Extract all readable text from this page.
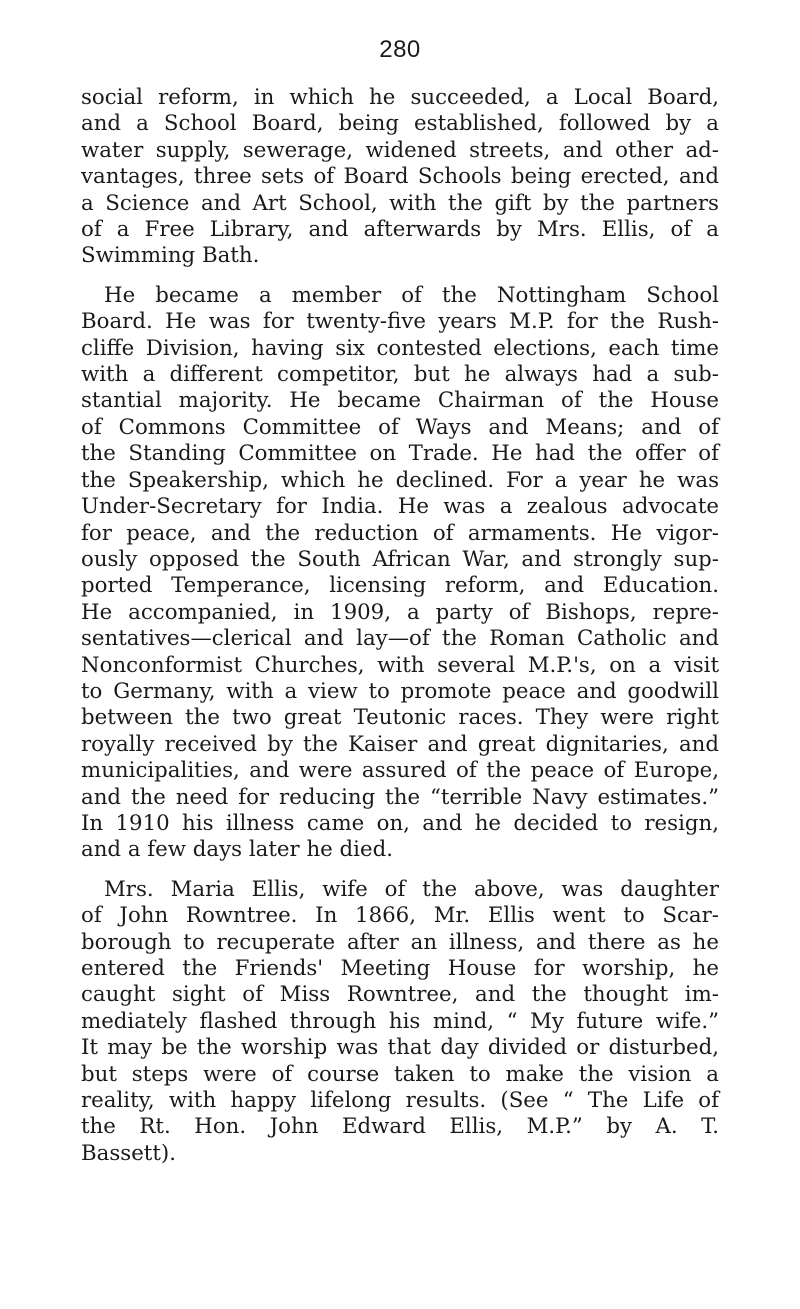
280
social reform, in which he succeeded, a Local Board,
and a School Board, being established, followed by a
water supply, sewerage, widened streets, and other ad-
vantages, three sets of Board Schools being erected, and
a Science and Art School, with the gift by the partners
of a Free Library, and afterwards by Mrs. Ellis, of a
Swimming Bath.
He became a member of the Nottingham School
Board. He was for twenty-five years M.P. for the Rush-
cliffe Division, having six contested elections, each time
with a different competitor, but he always had a sub-
stantial majority. He became Chairman of the House
of Commons Committee of Ways and Means; and of
the Standing Committee on Trade. He had the offer of
the Speakership, which he declined. For a year he was
Under-Secretary for India. He was a zealous advocate
for peace, and the reduction of armaments. He vigor-
ously opposed the South African War, and strongly sup-
ported Temperance, licensing reform, and Education.
He accompanied, in 1909, a party of Bishops, repre-
sentatives—clerical and lay—of the Roman Catholic and
Nonconformist Churches, with several M.P.'s, on a visit
to Germany, with a view to promote peace and goodwill
between the two great Teutonic races. They were right
royally received by the Kaiser and great dignitaries, and
municipalities, and were assured of the peace of Europe,
and the need for reducing the “terrible Navy estimates.”
In 1910 his illness came on, and he decided to resign,
and a few days later he died.
Mrs. Maria Ellis, wife of the above, was daughter
of John Rowntree. In 1866, Mr. Ellis went to Scar-
borough to recuperate after an illness, and there as he
entered the Friends' Meeting House for worship, he
caught sight of Miss Rowntree, and the thought im-
mediately flashed through his mind, “ My future wife.”
It may be the worship was that day divided or disturbed,
but steps were of course taken to make the vision a
reality, with happy lifelong results. (See “ The Life of
the Rt. Hon. John Edward Ellis, M.P.” by A. T.
Bassett).
